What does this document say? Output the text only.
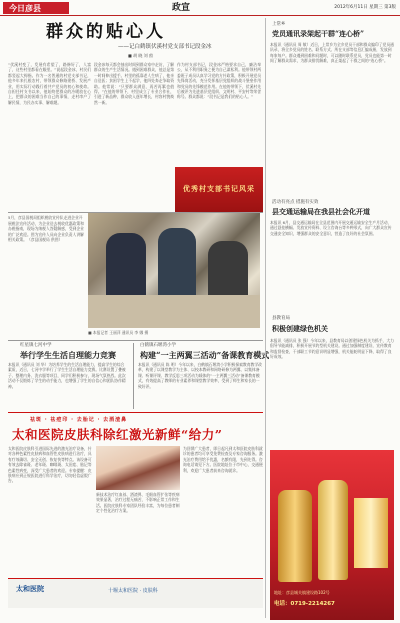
今日彦县	政宣	2012年6月11日 星期三 第3版
群众的贴心人
——记白鹤镇伏溪村党支部书记段金冰
■ 胡 晓 刘 茵
“伏溪村变了，发展有希望了，路修好了，人富了，这些村里都看在眼里。”说起段金冰，村民们都竖起大拇指。作为一名普通的村党支部书记，他多年来扎根农村，带领群众修路建桥、发展产业，用实际行动践行着共产党员的初心和使命。自担任村支书以来，他始终把群众的冷暖放在心上，把群众的困难当作自己的事情，走村串户了解民情，为民办实事、解难题。
段金冰每天都会抽出时间到群众家中走访，了解群众的生产生活情况。遇到困难群众，他总是第一时间伸出援手。村里的孤寡老人生病了，他亲自送医；贫困学生上不起学，他四处奔走争取资助。他常说：“只要群众满意，再苦再累也值得。”在他的带领下，村里成立了专业合作社，引进了新品种，群众收入逐年增长，村容村貌焕然一新。
作为村支部书记，段金冰严格要求自己，廉洁奉公，从不利用职务之便为自己谋私利。他带领村两委班子成员认真学习党的方针政策，积极开展党员先锋岗活动，充分发挥基层党组织的战斗堡垒作用和党员的先锋模范作用。在他的带领下，伏溪村先后被评为先进基层党组织、文明村、平安村等荣誉称号。群众都说：“段书记是我们的贴心人。”
优秀村支部书记风采
5月，彦县国税局组织税收宣传队走进企业开展税法宣传活动，为企业送去税收优惠政策和办税指南，现场为纳税人答疑解惑，受到企业的广泛欢迎。图为宣传人员向企业负责人讲解相关政策。（彦县国税局 供图）
■ 本报记者 王丽萍 通讯员 李 娜 摄
红星镇七河中学
举行学生生活自理能力竞赛
本报讯（通讯员 刘 华）为培养学生的生活自理能力，提高学生的综合素质，近日，七河中学举行了学生生活自理能力竞赛。比赛设置了叠被子、整理内务、洗衣服等项目，同学们积极参与，现场气氛热烈。此次活动不仅锻炼了学生的动手能力，也增强了学生的自信心和团队协作精神。
白鹤镇石堰湾小学
构建“一主两翼三活动”备课教育模式
本报讯（通讯员 陈 明）今年以来，白鹤镇石堰湾小学积极探索教育教学改革，构建了以课堂教学为主体、以校本教研和网络研修为两翼、以集体备课、听课评课、教学反思三项活动为载体的“一主两翼三活动”备课教育模式，有效提高了教师的专业素养和课堂教学效率，受到了师生和家长的一致好评。
祛斑 · 祛痘印 · 去胎记 · 去酒渣鼻
太和医院皮肤科除红激光新鲜“给力”
太和医院皮肤科引进国际先进的激光治疗设备，针对各种色素性皮肤病和血管性皮肤病进行治疗，具有疗效确切、安全无创、恢复快等特点。该设备可有效去除雀斑、老年斑、咖啡斑、太田痣、胎记等色素性病变，深受广大患者的欢迎。专家提醒：皮肤病应到正规医院进行科学治疗，切勿轻信虚假广告。
新技术治疗红血丝、酒渣鼻、毛细血管扩张等疾病效果显著，治疗过程无痛苦，不影响正常工作和生活。医院皮肤科专家团队经验丰富，为每位患者制定个性化治疗方案。
为回馈广大患者，即日起凡到太和医院皮肤科就诊的患者均可享受免费检查及专家咨询服务。激光治疗费用给予优惠，名额有限，先到先得。咨询电话请见下方。医院地址位于市中心，交通便利，欢迎广大患者前来咨询就诊。
太和医院	十堰太和医院 · 皮肤科
上常乡
党员通讯录架起干群“连心桥”
本报讯（通讯员 周 敏）近日，上常乡为全乡党员干部和群众编印了党员通讯录，将全乡党员的姓名、联系方式、所在支部等信息汇编成册，发放到每家每户。群众遇到困难和问题时，可以随时联系党员，党员也能第一时间了解群众需求，为群众排忧解难，真正架起了干群之间的“连心桥”。
活动有亮点 措施有实效
县交通运输局在我县社会化开道
本报讯 6月，县交通运输局在全县范围内开展交通运输安全生产月活动，通过悬挂横幅、发放宣传资料、设立咨询台等多种形式，向广大群众宣传交通安全知识，增强群众的安全意识，营造了良好的社会氛围。
县教育局
积极创建绿色机关
本报讯（通讯员 张 强）今年以来，县教育局以创建绿色机关为抓手，大力倡导节能减排，积极开展节约型机关建设。通过加强制度建设、宣传教育和监督检查，干部职工节约意识明显增强，机关能耗明显下降，取得了良好成效。
地址：彦县城关镇建设路102号
电话：0719-2214267
